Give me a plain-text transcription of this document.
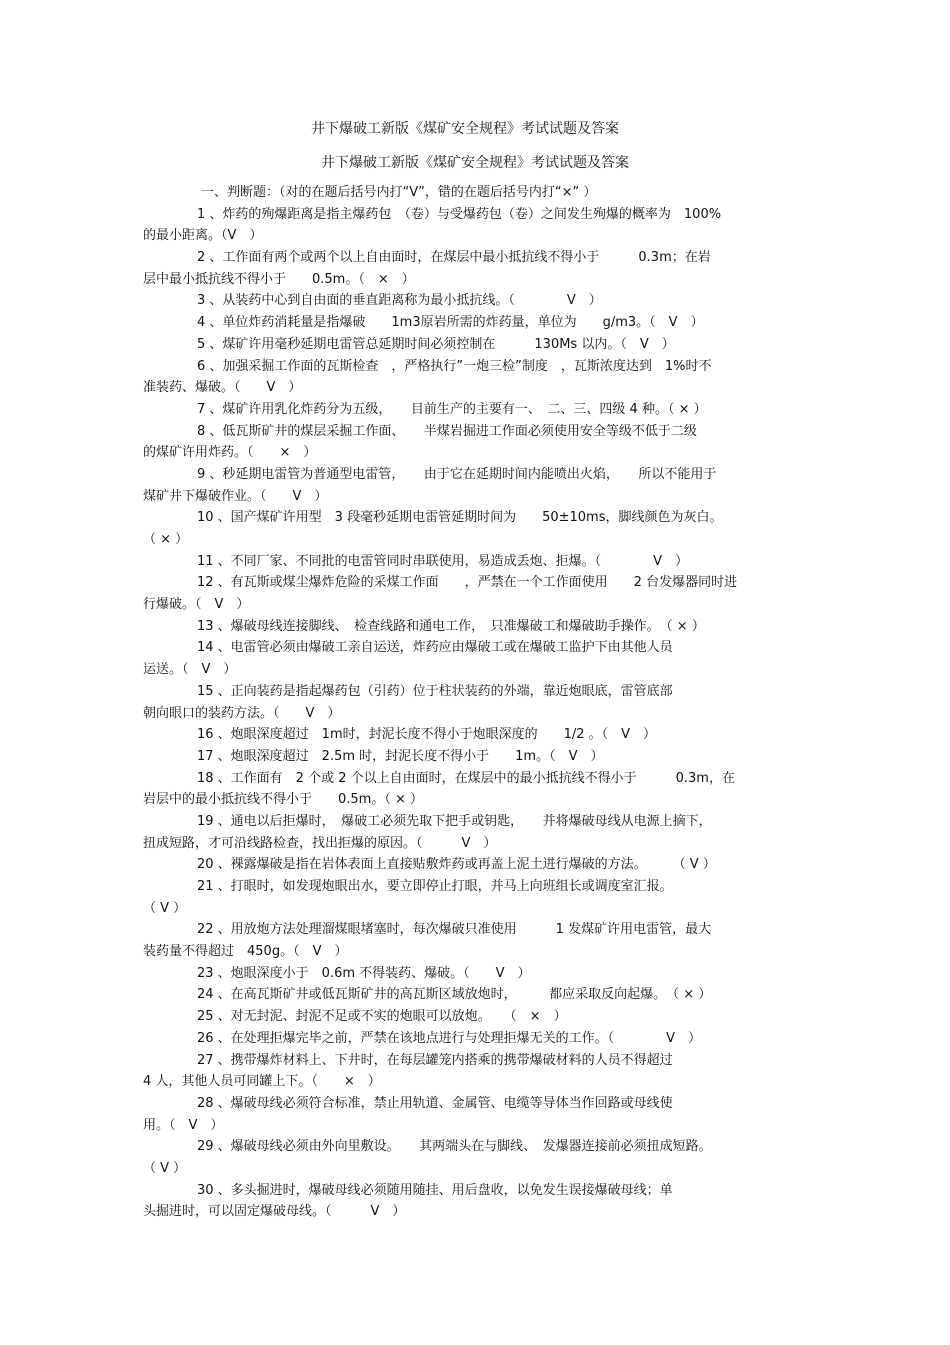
井下爆破工新版《煤矿安全规程》考试试题及答案
井下爆破工新版《煤矿安全规程》考试试题及答案
一、判断题：（对的在题后括号内打“V”，错的在题后括号内打“×” ）
1 、炸药的殉爆距离是指主爆药包　（卷）与受爆药包（卷）之间发生殉爆的概率为　100%
的最小距离。（V　）
2 、工作面有两个或两个以上自由面时，在煤层中最小抵抗线不得小于　　　0.3m；在岩
层中最小抵抗线不得小于　　0.5m。（　×　）
3 、从装药中心到自由面的垂直距离称为最小抵抗线。（　　　　V　）
4 、单位炸药消耗量是指爆破　　1m3原岩所需的炸药量，单位为　　g/m3。（　V　）
5 、煤矿许用毫秒延期电雷管总延期时间必须控制在　　　130Ms 以内。（　V　）
6 、加强采掘工作面的瓦斯检查　，严格执行”一炮三检”制度　，瓦斯浓度达到　1%时不
准装药、爆破。（　　V　）
7 、煤矿许用乳化炸药分为五级，　　目前生产的主要有一、　二、三、四级 4 种。（ × ）
8 、低瓦斯矿井的煤层采掘工作面、　　半煤岩掘进工作面必须使用安全等级不低于二级
的煤矿许用炸药。（　　×　）
9 、秒延期电雷管为普通型电雷管，　　由于它在延期时间内能喷出火焰，　　所以不能用于
煤矿井下爆破作业。（　　V　）
10 、国产煤矿许用型　3 段毫秒延期电雷管延期时间为　　50±10ms，脚线颜色为灰白。
（ × ）
11 、不同厂家、不同批的电雷管同时串联使用，易造成丢炮、拒爆。（　　　　V　）
12 、有瓦斯或煤尘爆炸危险的采煤工作面　　，严禁在一个工作面使用　　2 台发爆器同时进
行爆破。（　V　）
13 、爆破母线连接脚线、　检查线路和通电工作，　只准爆破工和爆破助手操作。　（ × ）
14 、电雷管必须由爆破工亲自运送，炸药应由爆破工或在爆破工监护下由其他人员
运送。（　V　）
15 、正向装药是指起爆药包（引药）位于柱状装药的外端，靠近炮眼底，雷管底部
朝向眼口的装药方法。（　　V　）
16 、炮眼深度超过　1m时，封泥长度不得小于炮眼深度的　　1/2 。（　V　）
17 、炮眼深度超过　2.5m 时，封泥长度不得小于　　1m。（　V　）
18 、工作面有　2 个或 2 个以上自由面时，在煤层中的最小抵抗线不得小于　　　0.3m，在
岩层中的最小抵抗线不得小于　　0.5m。（ × ）
19 、通电以后拒爆时，　爆破工必须先取下把手或钥匙，　　并将爆破母线从电源上摘下，
扭成短路，才可沿线路检查，找出拒爆的原因。（　　　V　）
20 、裸露爆破是指在岩体表面上直接贴敷炸药或再盖上泥土进行爆破的方法。　　　（ V ）
21 、打眼时，如发现炮眼出水，要立即停止打眼，并马上向班组长或调度室汇报。
（ V ）
22 、用放炮方法处理溜煤眼堵塞时，每次爆破只准使用　　　1 发煤矿许用电雷管，最大
装药量不得超过　450g。（　V　）
23 、炮眼深度小于　0.6m 不得装药、爆破。（　　V　）
24 、在高瓦斯矿井或低瓦斯矿井的高瓦斯区域放炮时，　　　都应采取反向起爆。　（ × ）
25 、对无封泥、封泥不足或不实的炮眼可以放炮。　　（　×　）
26 、在处理拒爆完毕之前，严禁在该地点进行与处理拒爆无关的工作。（　　　　V　）
27 、携带爆炸材料上、下井时，在每层罐笼内搭乘的携带爆破材料的人员不得超过
4 人，其他人员可同罐上下。（　　×　）
28 、爆破母线必须符合标准，禁止用轨道、金属管、电缆等导体当作回路或母线使
用。（　V　）
29 、爆破母线必须由外向里敷设。　　其两端头在与脚线、　发爆器连接前必须扭成短路。
（ V ）
30 、多头掘进时，爆破母线必须随用随挂、用后盘收，以免发生误接爆破母线；单
头掘进时，可以固定爆破母线。（　　　V　）
